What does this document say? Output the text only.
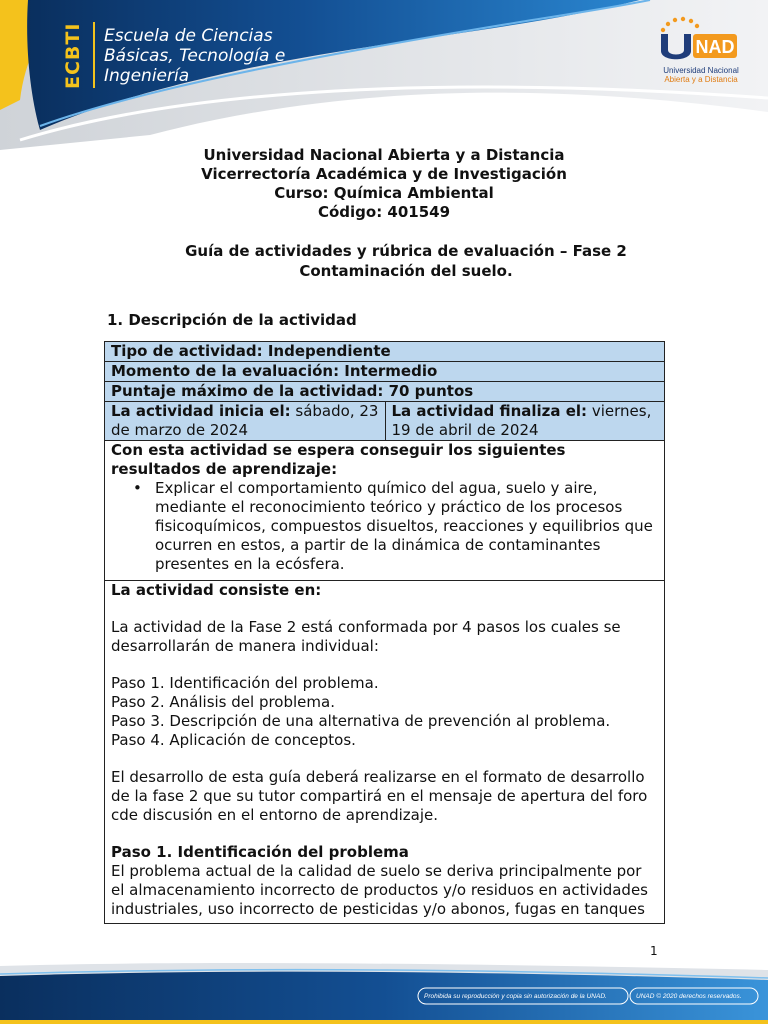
ECBTI	Escuela de Ciencias
Básicas, Tecnología e
Ingeniería
NAD
Universidad Nacional
Abierta y a Distancia
Universidad Nacional Abierta y a Distancia
Vicerrectoría Académica y de Investigación
Curso: Química Ambiental
Código: 401549
Guía de actividades y rúbrica de evaluación – Fase 2
Contaminación del suelo.
1. Descripción de la actividad
Tipo de actividad: Independiente
Momento de la evaluación: Intermedio
Puntaje máximo de la actividad: 70 puntos
La actividad inicia el: sábado, 23 de marzo de 2024
La actividad finaliza el: viernes, 19 de abril de 2024

Con esta actividad se espera conseguir los siguientes resultados de aprendizaje:

• Explicar el comportamiento químico del agua, suelo y aire, mediante el reconocimiento teórico y práctico de los procesos fisicoquímicos, compuestos disueltos, reacciones y equilibrios que ocurren en estos, a partir de la dinámica de contaminantes presentes en la ecósfera.

La actividad consiste en:

La actividad de la Fase 2 está conformada por 4 pasos los cuales se desarrollarán de manera individual:

Paso 1. Identificación del problema.

Paso 2. Análisis del problema.

Paso 3. Descripción de una alternativa de prevención al problema.

Paso 4. Aplicación de conceptos.

El desarrollo de esta guía deberá realizarse en el formato de desarrollo de la fase 2 que su tutor compartirá en el mensaje de apertura del foro cde discusión en el entorno de aprendizaje.

Paso 1. Identificación del problema

El problema actual de la calidad de suelo se deriva principalmente por el almacenamiento incorrecto de productos y/o residuos en actividades industriales, uso incorrecto de pesticidas y/o abonos, fugas en tanques

1
Prohibida su reproducción y copia sin autorización de la UNAD.	UNAD © 2020 derechos reservados.
